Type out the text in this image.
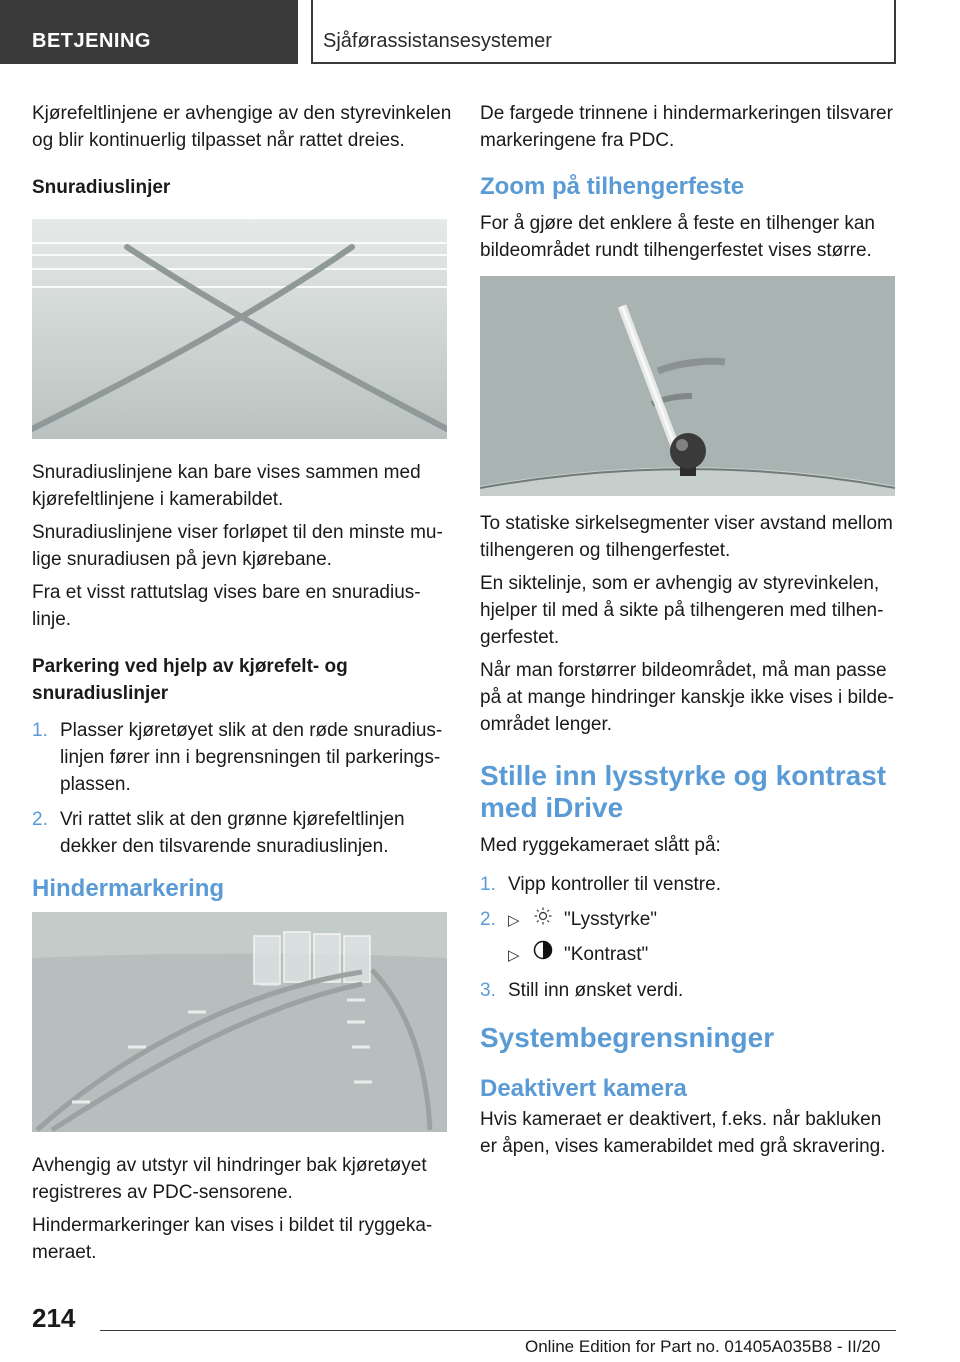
BETJENING	Sjåførassistansesystemer

Kjørefeltlinjene er avhengige av den styrevinkelen og blir kontinuerlig tilpasset når rattet dreies.

Snuradiuslinjer

Snuradiuslinjene kan bare vises sammen med kjørefeltlinjene i kamerabildet.

Snuradiuslinjene viser forløpet til den minste mulige snuradiusen på jevn kjørebane.

Fra et visst rattutslag vises bare en snuradiuslinje.

Parkering ved hjelp av kjørefelt- og snuradiuslinjer
1. Plasser kjøretøyet slik at den røde snuradiuslinjen fører inn i begrensningen til parkeringsplassen.
2. Vri rattet slik at den grønne kjørefeltlinjen dekker den tilsvarende snuradiuslinjen.
Hindermarkering

Avhengig av utstyr vil hindringer bak kjøretøyet registreres av PDC-sensorene.

Hindermarkeringer kan vises i bildet til ryggekameraet.

De fargede trinnene i hindermarkeringen tilsvarer markeringene fra PDC.

Zoom på tilhengerfeste

For å gjøre det enklere å feste en tilhenger kan bildeområdet rundt tilhengerfestet vises større.

To statiske sirkelsegmenter viser avstand mellom tilhengeren og tilhengerfestet.

En siktelinje, som er avhengig av styrevinkelen, hjelper til med å sikte på tilhengeren med tilhengerfestet.

Når man forstørrer bildeområdet, må man passe på at mange hindringer kanskje ikke vises i bildeområdet lenger.

Stille inn lysstyrke og kontrast med iDrive

Med ryggekameraet slått på:

1. Vipp kontroller til venstre.
2. ▷ "Lysstyrke"
▷ "Kontrast"
3. Still inn ønsket verdi.
Systembegrensninger
Deaktivert kamera

Hvis kameraet er deaktivert, f.eks. når bakluken er åpen, vises kamerabildet med grå skravering.

214
Online Edition for Part no. 01405A035B8 - II/20
